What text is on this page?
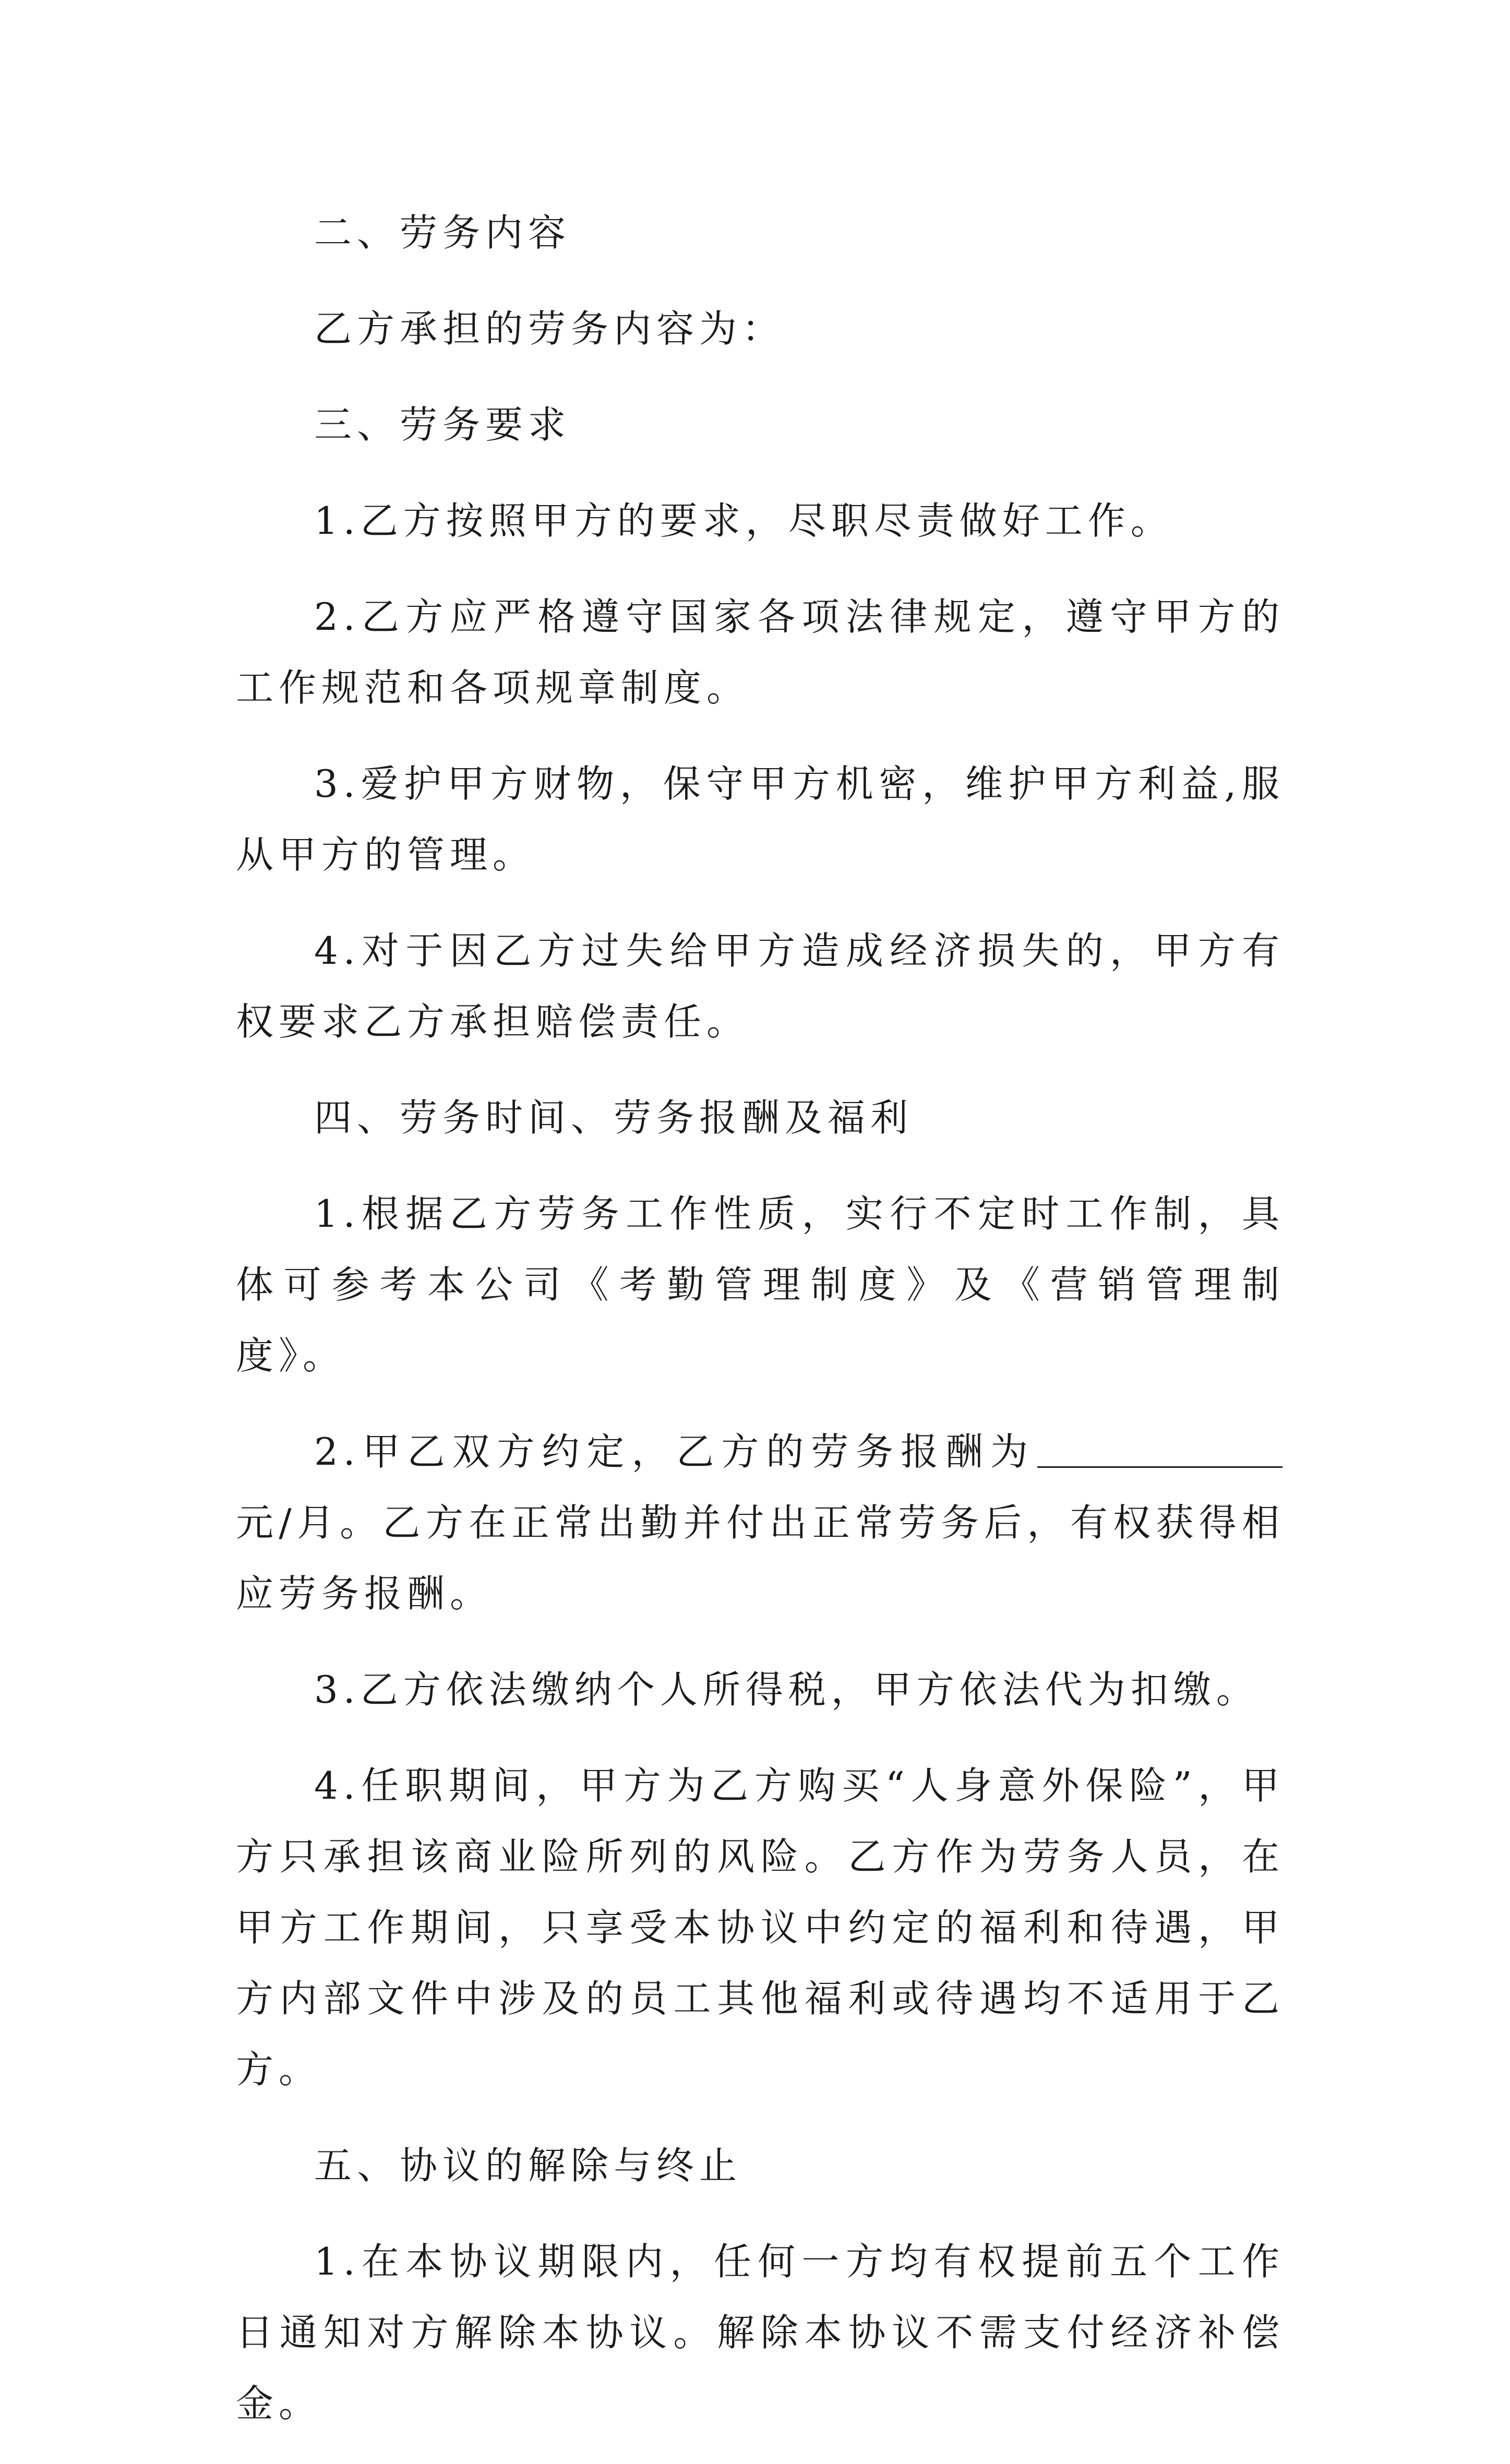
二、劳务内容

乙方承担的劳务内容为：

三、劳务要求

1.乙方按照甲方的要求，尽职尽责做好工作。

2.乙方应严格遵守国家各项法律规定，遵守甲方的工作规范和各项规章制度。

3.爱护甲方财物，保守甲方机密，维护甲方利益,服从甲方的管理。

4.对于因乙方过失给甲方造成经济损失的，甲方有权要求乙方承担赔偿责任。

四、劳务时间、劳务报酬及福利

1.根据乙方劳务工作性质，实行不定时工作制，具体可参考本公司《考勤管理制度》及《营销管理制度》。

2.甲乙双方约定，乙方的劳务报酬为元/月。乙方在正常出勤并付出正常劳务后，有权获得相应劳务报酬。

3.乙方依法缴纳个人所得税，甲方依法代为扣缴。

4.任职期间，甲方为乙方购买“人身意外保险”，甲方只承担该商业险所列的风险。乙方作为劳务人员，在甲方工作期间，只享受本协议中约定的福利和待遇，甲方内部文件中涉及的员工其他福利或待遇均不适用于乙方。

五、协议的解除与终止

1.在本协议期限内，任何一方均有权提前五个工作日通知对方解除本协议。解除本协议不需支付经济补偿金。
